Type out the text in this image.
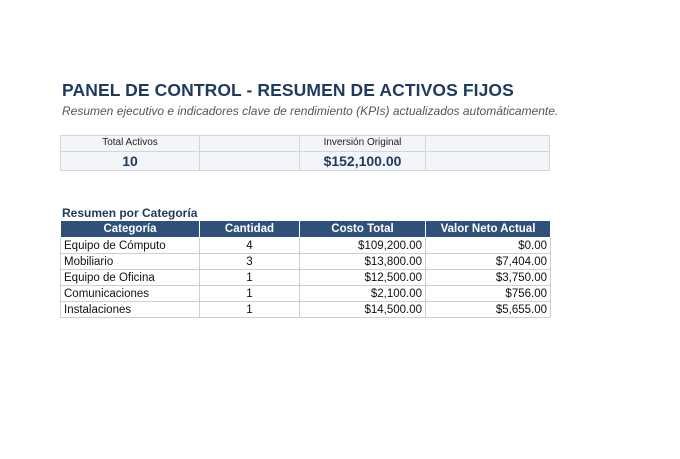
PANEL DE CONTROL - RESUMEN DE ACTIVOS FIJOS
Resumen ejecutivo e indicadores clave de rendimiento (KPIs) actualizados automáticamente.
Total Activos
10
Inversión Original
$152,100.00
Resumen por Categoría
Categoría	Cantidad	Costo Total	Valor Neto Actual
Equipo de Cómputo	4	$109,200.00	$0.00
Mobiliario	3	$13,800.00	$7,404.00
Equipo de Oficina	1	$12,500.00	$3,750.00
Comunicaciones	1	$2,100.00	$756.00
Instalaciones	1	$14,500.00	$5,655.00
